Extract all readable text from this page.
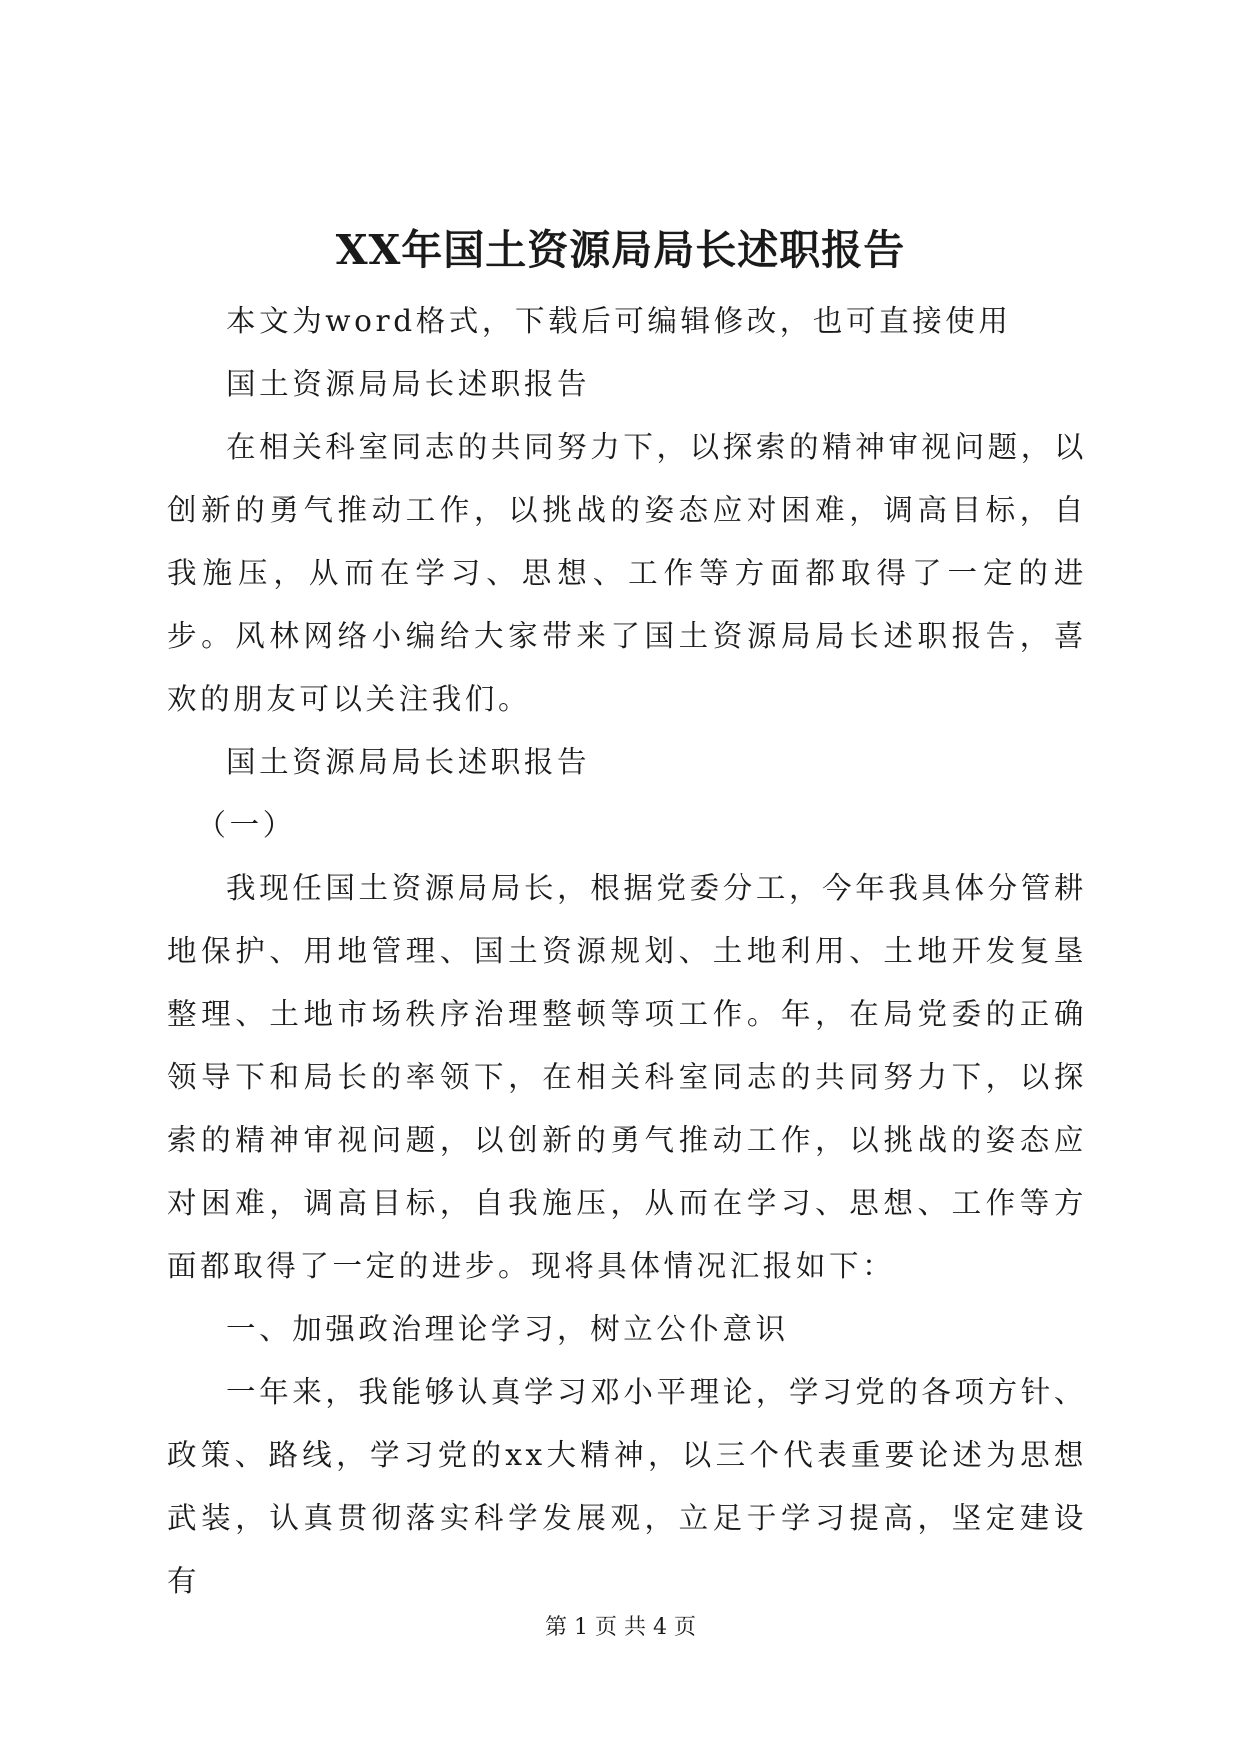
XX年国土资源局局长述职报告

本文为word格式，下载后可编辑修改，也可直接使用

国土资源局局长述职报告

在相关科室同志的共同努力下，以探索的精神审视问题，以创新的勇气推动工作，以挑战的姿态应对困难，调高目标，自我施压，从而在学习、思想、工作等方面都取得了一定的进步。风林网络小编给大家带来了国土资源局局长述职报告，喜欢的朋友可以关注我们。

国土资源局局长述职报告

（一）

我现任国土资源局局长，根据党委分工，今年我具体分管耕地保护、用地管理、国土资源规划、土地利用、土地开发复垦整理、土地市场秩序治理整顿等项工作。年，在局党委的正确领导下和局长的率领下，在相关科室同志的共同努力下，以探索的精神审视问题，以创新的勇气推动工作，以挑战的姿态应对困难，调高目标，自我施压，从而在学习、思想、工作等方面都取得了一定的进步。现将具体情况汇报如下：

一、加强政治理论学习，树立公仆意识

一年来，我能够认真学习邓小平理论，学习党的各项方针、政策、路线，学习党的xx大精神，以三个代表重要论述为思想武装，认真贯彻落实科学发展观，立足于学习提高，坚定建设有

第 1 页 共 4 页
